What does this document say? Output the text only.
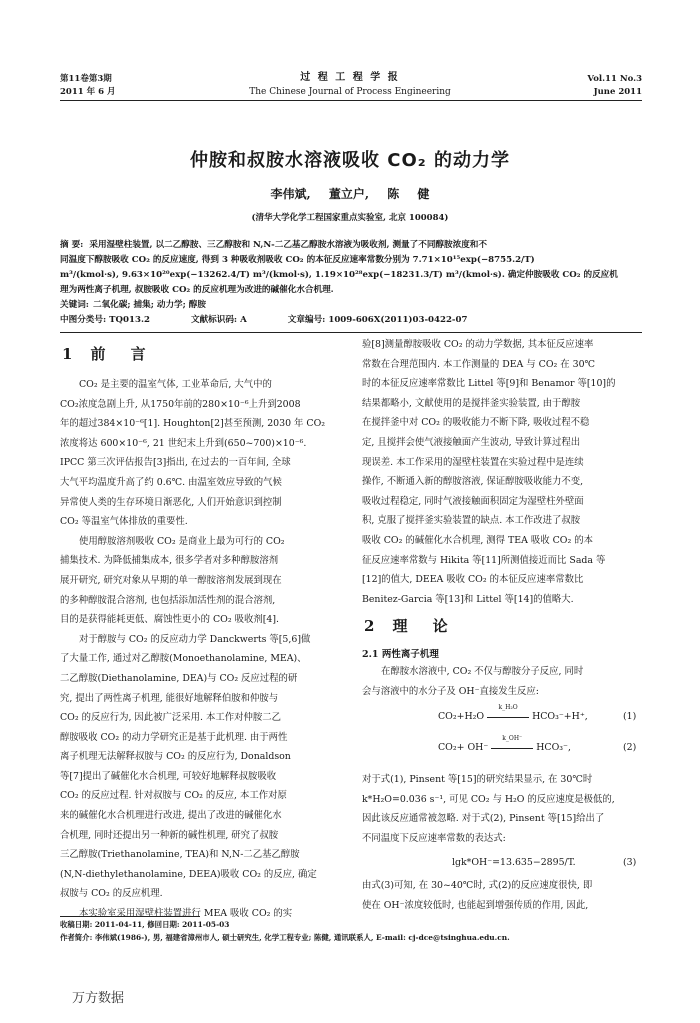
第11卷第3期
2011 年 6 月
过 程 工 程 学 报
The Chinese Journal of Process Engineering
Vol.11 No.3
June 2011
仲胺和叔胺水溶液吸收 CO₂ 的动力学
李伟斌, 董立户, 陈 健
(清华大学化学工程国家重点实验室, 北京 100084)

摘 要: 采用湿壁柱装置, 以二乙醇胺、三乙醇胺和 N,N-二乙基乙醇胺水溶液为吸收剂, 测量了不同醇胺浓度和不

同温度下醇胺吸收 CO₂ 的反应速度, 得到 3 种吸收剂吸收 CO₂ 的本征反应速率常数分别为 7.71×10¹⁵exp(−8755.2/T)

m³/(kmol·s), 9.63×10²⁰exp(−13262.4/T) m³/(kmol·s), 1.19×10²⁸exp(−18231.3/T) m³/(kmol·s). 确定仲胺吸收 CO₂ 的反应机

理为两性离子机理, 叔胺吸收 CO₂ 的反应机理为改进的碱催化水合机理.

关键词: 二氧化碳; 捕集; 动力学; 醇胺

中图分类号: TQ013.2	文献标识码: A	文章编号: 1009-606X(2011)03-0422-07

1 前 言

CO₂ 是主要的温室气体, 工业革命后, 大气中的

CO₂浓度急剧上升, 从1750年前的280×10⁻⁶上升到2008

年的超过384×10⁻⁶[1]. Houghton[2]甚至预测, 2030 年 CO₂

浓度将达 600×10⁻⁶, 21 世纪末上升到(650~700)×10⁻⁶.

IPCC 第三次评估报告[3]指出, 在过去的一百年间, 全球

大气平均温度升高了约 0.6℃. 由温室效应导致的气候

异常使人类的生存环境日渐恶化, 人们开始意识到控制

CO₂ 等温室气体排放的重要性.

使用醇胺溶剂吸收 CO₂ 是商业上最为可行的 CO₂

捕集技术. 为降低捕集成本, 很多学者对多种醇胺溶剂

展开研究, 研究对象从早期的单一醇胺溶剂发展到现在

的多种醇胺混合溶剂, 也包括添加活性剂的混合溶剂,

目的是获得能耗更低、腐蚀性更小的 CO₂ 吸收剂[4].

对于醇胺与 CO₂ 的反应动力学 Danckwerts 等[5,6]做

了大量工作, 通过对乙醇胺(Monoethanolamine, MEA)、

二乙醇胺(Diethanolamine, DEA)与 CO₂ 反应过程的研

究, 提出了两性离子机理, 能很好地解释伯胺和仲胺与

CO₂ 的反应行为, 因此被广泛采用. 本工作对仲胺二乙

醇胺吸收 CO₂ 的动力学研究正是基于此机理. 由于两性

离子机理无法解释叔胺与 CO₂ 的反应行为, Donaldson

等[7]提出了碱催化水合机理, 可较好地解释叔胺吸收

CO₂ 的反应过程. 针对叔胺与 CO₂ 的反应, 本工作对原

来的碱催化水合机理进行改进, 提出了改进的碱催化水

合机理, 同时还提出另一种新的碱性机理, 研究了叔胺

三乙醇胺(Triethanolamine, TEA)和 N,N-二乙基乙醇胺

(N,N-diethylethanolamine, DEEA)吸收 CO₂ 的反应, 确定

叔胺与 CO₂ 的反应机理.

本实验室采用湿壁柱装置进行 MEA 吸收 CO₂ 的实

验[8]测量醇胺吸收 CO₂ 的动力学数据, 其本征反应速率

常数在合理范围内. 本工作测量的 DEA 与 CO₂ 在 30℃

时的本征反应速率常数比 Littel 等[9]和 Benamor 等[10]的

结果都略小, 文献使用的是搅拌釜实验装置, 由于醇胺

在搅拌釜中对 CO₂ 的吸收能力不断下降, 吸收过程不稳

定, 且搅拌会使气液接触面产生波动, 导致计算过程出

现误差. 本工作采用的湿壁柱装置在实验过程中是连续

操作, 不断通入新的醇胺溶液, 保证醇胺吸收能力不变,

吸收过程稳定, 同时气液接触面积固定为湿壁柱外壁面

积, 克服了搅拌釜实验装置的缺点. 本工作改进了叔胺

吸收 CO₂ 的碱催化水合机理, 测得 TEA 吸收 CO₂ 的本

征反应速率常数与 Hikita 等[11]所测值接近而比 Sada 等

[12]的值大, DEEA 吸收 CO₂ 的本征反应速率常数比

Benitez-Garcia 等[13]和 Littel 等[14]的值略大.

2 理 论
2.1 两性离子机理

在醇胺水溶液中, CO₂ 不仅与醇胺分子反应, 同时

会与溶液中的水分子及 OH⁻直接发生反应:

CO₂+H₂O
k_H₂O
HCO₃⁻+H⁺,	(1)
CO₂+ OH⁻
k_OH⁻
HCO₃⁻,	(2)

对于式(1), Pinsent 等[15]的研究结果显示, 在 30℃时

k*H₂O=0.036 s⁻¹, 可见 CO₂ 与 H₂O 的反应速度是极低的,

因此该反应通常被忽略. 对于式(2), Pinsent 等[15]给出了

不同温度下反应速率常数的表达式:

lgk*OH⁻=13.635−2895/T.	(3)

由式(3)可知, 在 30~40℃时, 式(2)的反应速度很快, 即

使在 OH⁻浓度较低时, 也能起到增强传质的作用, 因此,

收稿日期: 2011-04-11, 修回日期: 2011-05-03

作者简介: 李伟斌(1986-), 男, 福建省漳州市人, 硕士研究生, 化学工程专业; 陈健, 通讯联系人, E-mail: cj-dce@tsinghua.edu.cn.

万方数据
